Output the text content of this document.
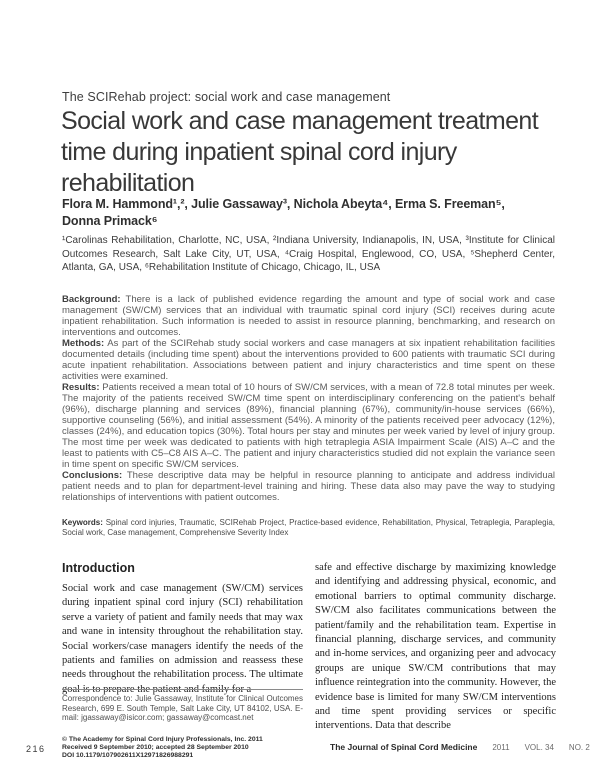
The SCIRehab project: social work and case management
Social work and case management treatment
time during inpatient spinal cord injury
rehabilitation
Flora M. Hammond¹,², Julie Gassaway³, Nichola Abeyta⁴, Erma S. Freeman⁵,
Donna Primack⁶
¹Carolinas Rehabilitation, Charlotte, NC, USA, ²Indiana University, Indianapolis, IN, USA, ³Institute for Clinical Outcomes Research, Salt Lake City, UT, USA, ⁴Craig Hospital, Englewood, CO, USA, ⁵Shepherd Center, Atlanta, GA, USA, ⁶Rehabilitation Institute of Chicago, Chicago, IL, USA

Background: There is a lack of published evidence regarding the amount and type of social work and case management (SW/CM) services that an individual with traumatic spinal cord injury (SCI) receives during acute inpatient rehabilitation. Such information is needed to assist in resource planning, benchmarking, and research on interventions and outcomes.

Methods: As part of the SCIRehab study social workers and case managers at six inpatient rehabilitation facilities documented details (including time spent) about the interventions provided to 600 patients with traumatic SCI during acute inpatient rehabilitation. Associations between patient and injury characteristics and time spent on these activities were examined.

Results: Patients received a mean total of 10 hours of SW/CM services, with a mean of 72.8 total minutes per week. The majority of the patients received SW/CM time spent on interdisciplinary conferencing on the patient's behalf (96%), discharge planning and services (89%), financial planning (67%), community/in-house services (66%), supportive counseling (56%), and initial assessment (54%). A minority of the patients received peer advocacy (12%), classes (24%), and education topics (30%). Total hours per stay and minutes per week varied by level of injury group. The most time per week was dedicated to patients with high tetraplegia ASIA Impairment Scale (AIS) A–C and the least to patients with C5–C8 AIS A–C. The patient and injury characteristics studied did not explain the variance seen in time spent on specific SW/CM services.

Conclusions: These descriptive data may be helpful in resource planning to anticipate and address individual patient needs and to plan for department-level training and hiring. These data also may pave the way to studying relationships of interventions with patient outcomes.

Keywords: Spinal cord injuries, Traumatic, SCIRehab Project, Practice-based evidence, Rehabilitation, Physical, Tetraplegia, Paraplegia, Social work, Case management, Comprehensive Severity Index
Introduction

Social work and case management (SW/CM) services during inpatient spinal cord injury (SCI) rehabilitation serve a variety of patient and family needs that may wax and wane in intensity throughout the rehabilitation stay. Social workers/case managers identify the needs of the patients and families on admission and reassess these needs throughout the rehabilitation process. The ultimate goal is to prepare the patient and family for a

safe and effective discharge by maximizing knowledge and identifying and addressing physical, economic, and emotional barriers to optimal community discharge. SW/CM also facilitates communications between the patient/family and the rehabilitation team. Expertise in financial planning, discharge services, and community and in-home services, and organizing peer and advocacy groups are unique SW/CM contributions that may influence reintegration into the community. However, the evidence base is limited for many SW/CM interventions and time spent providing services or specific interventions. Data that describe

Correspondence to: Julie Gassaway, Institute for Clinical Outcomes Research, 699 E. South Temple, Salt Lake City, UT 84102, USA. E-mail: jgassaway@isicor.com; gassaway@comcast.net
216
© The Academy for Spinal Cord Injury Professionals, Inc. 2011
Received 9 September 2010; accepted 28 September 2010
DOI 10.1179/107902611X12971826988291
The Journal of Spinal Cord Medicine 2011 VOL. 34 NO. 2
